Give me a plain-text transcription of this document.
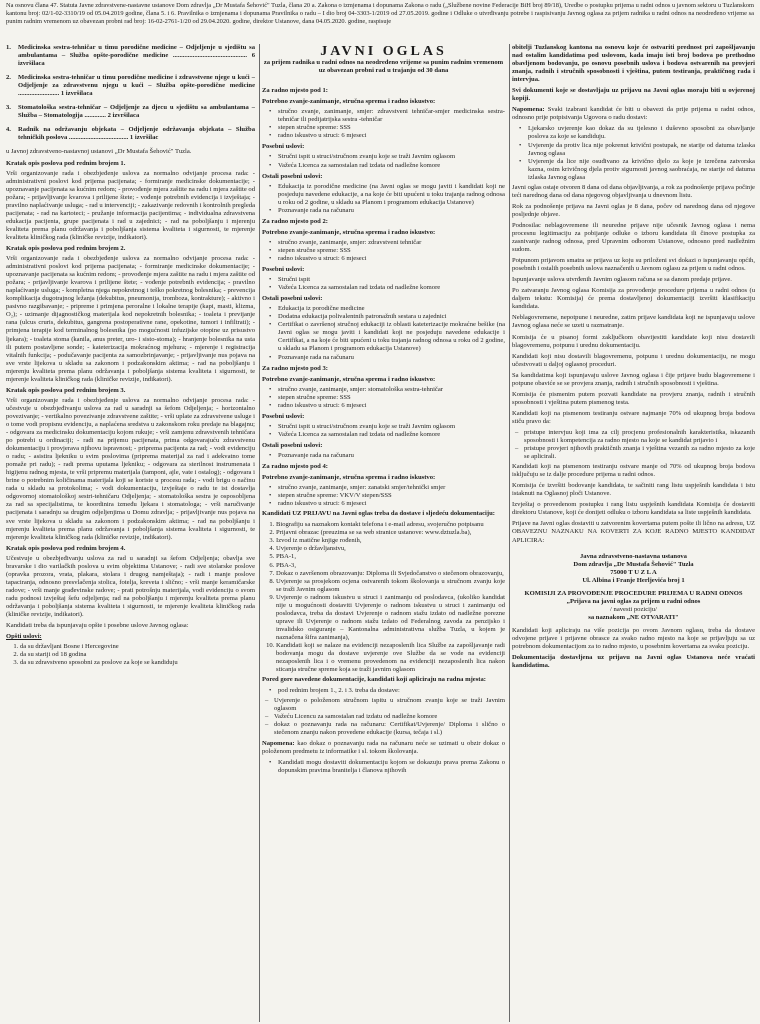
Na osnovu člana 47. Statuta Javne zdravstvene-nastavne ustanove Dom zdravlja „Dr Mustafa Šehović" Tuzla, člana 20 a. Zakona o izmjenama i dopunama Zakona o radu („Službene novine Federacije BiH broj 89/18), Uredbe o postupku prijema u radni odnos u javnom sektoru u Tuzlanskom kantonu broj: 02/1-02-3310/19 od 05.04.2019 godine, člana 5. i 6. Pravilnika o izmjenama i dopunama Pravilnika o radu – I dio broj 04-3303-1/2019 od 27.05.2019. godine i Odluke o utvrđivanju potrebe i raspisivanju Javnog oglasa za prijem radnika u radni odnos na neodređeno vrijeme sa punim radnim vremenom uz obavezan probni rad broj: 16-02-2761-1/20 od 29.04.2020. godine, direktor Ustanove, dana 04.05.2020. godine, raspisuje
1.	Medicinska sestra-tehničar u timu porodične medicine – Odjeljenje u sjedištu sa ambulantama – Služba opšte-porodične medicine ............................................. 6 izvršilaca
2.	Medicinska sestra-tehničar u timu porodične medicine i zdravstvene njege u kući – Odjeljenje za zdravstvenu njegu u kući – Služba opšte-porodične medicine ......................... 1 izvršilaca
3.	Stomatološka sestra-tehničar – Odjeljenje za djecu u sjedištu sa ambulantama – Služba – Stomatologija ............. 2 izvršilaca
4.	Radnik na održavanju objekata – Odjeljenje održavanja objekata – Služba tehničkih poslova .................................... 1 izvršilac

u Javnoj zdravstveno-nastavnoj ustanovi „Dr Mustafa Šehović" Tuzla.

Kratak opis poslova pod rednim brojem 1.

Vrši organizovanje rada i obezbjeđenje uslova za normalno odvijanje procesa rada: - administrativni poslovi kod prijema pacijenata; - formiranje medicinske dokumentacije; - upoznavanje pacijenata sa kućnim redom; - provođenje mjera zaštite na radu i mjera zaštite od požara; - prijavljivanje kvarova i prilijene štete; - vođenje potrebnih evidencija i izvještaja; - pravilno naplaćivanje usluga; - rad u intervenciji; - zakazivanje redovnih i kontrolnih pregleda pacijenata; - rad na kartoteci; - pružanje informacija pacijentima; - individualna zdravstvena edukacija pacijenta, grupe pacijenata i rad u zajednici; - rad na poboljšanju i mjerenju kvaliteta prema planu održavanja i poboljšanja sistema kvaliteta i sigurnosti, te mjerenje kvaliteta kliničkog rada (kliničke revizije, indikatori).

Kratak opis poslova pod rednim brojem 2.

Vrši organizovanje rada i obezbjeđenje uslova za normalno odvijanje procesa rada: - administrativni poslovi kod prijema pacijenata; - formiranje medicinske dokumentacije; - upoznavanje pacijenata sa kućnim redom; - provođenje mjera zaštite na radu i mjera zaštite od požara; - prijavljivanje kvarova i prilijene štete; - vođenje potrebnih evidencija; - pravilno naplaćivanje usluga; - kompletna njega nepokretnog i teško pokretnog bolesnika; - prevencija komplikacija dugotrajnog ležanja (dekubitus, pneumonija, tromboza, kontrakture); - aktivno i pasivno razgibavanje; - pripreme i primjena peroralne i lokalne terapije (kapi, masti, klizma, O₂); - uzimanje dijagnostičkog materijala kod nepokretnih bolesnika; - toaleta i previjanje rana (ulcus cruris, dekubitus, gangrena postoperativne rane, opekotine, tumori i infiltrati); - primjena terapije kod terminalnog bolesnika (po mogućnosti infuzijske otopine uz prisustvo ljekara); - toaleta stoma (kanila, anus preter, uro- i sisto-stoma); - hranjenje bolesnika na usta ili putem postavljene sonde; - kateterizacija mokraćnog mjehura; - mjerenje i registracija vitalnih funkcija; - podučavanje pacijenta za samozbrinjavanje; - prijavljivanje nus pojava na sve vrste lijekova u skladu sa zakonom i podzakonskim aktima; - rad na poboljšanju i mjerenju kvaliteta prema planu održavanja i poboljšanja sistema kvaliteta i sigurnosti, te mjerenje kvaliteta kliničkog rada (kliničke revizije, indikatori).

Kratak opis poslova pod rednim brojem 3.

Vrši organizovanje rada i obezbjeđenje uslova za normalno odvijanje procesa rada: - učestvuje u obezbjeđivanju uslova za rad u saradnji sa šefom Odjeljenja; - horizontalno povezivanje; - vertikalno povezivanje zdravstvene zaštite; - vrši uplate za zdravstvene usluge i o tome vodi propisnu evidenciju, a naplaćena sredstva u zakonskom roku predaje na blagajnu; - odgovara za medicinsku dokumentaciju kojom rukuje; - vrši zamjenu zdravstvenih tehničara po potrebi u ordinaciji; - radi na prijemu pacijenata, prima odgovarajuću zdravstvenu dokumentaciju i provjerava njihovu ispravnost; - priprema pacijenta za rad; - vodi evidenciju o radu; - asistira ljekniku u svim poslovima (priprema materijal za rad i adekvatno tome pomaže pri radu); - radi prema uputama ljekniku; - odgovara za sterilnost instrumenata i higijenu radnog mjesta, te vrši pripremu materijala (tamponi, ajle, vate i ostalog); - odgovara i brine o potrebnim količinama materijala koji se koriste u procesu rada; - vodi brigu o načinu rada u skladu sa protokolima; - vodi dokumentaciju, izvještaje o radu te ist dostavlja odgovornoj stomatološkoj sestri-tehničaru Odjeljenja; - stomatološka sestra je osposobljena za rad sa specijalistima, te koordinira između ljekara i stomatologa; - vrši naručivanje pacijenata i saradnju sa drugim odjeljenjima u Domu zdravlja; - prijavljivanje nus pojava na sve vrste lijekova u skladu sa zakonom i podzakonskim aktima; - rad na poboljšanju i mjerenju kvaliteta prema planu održavanja i poboljšanja sistema kvaliteta i sigurnosti, te mjerenje kvaliteta kliničkog rada (kliničke revizije, indikatori).

Kratak opis poslova pod rednim brojem 4.

Učestvuje u obezbjeđivanju uslova za rad u saradnji sa šefom Odjeljenja; obavlja sve bravarske i dio varilačkih poslova u svim objektima Ustanove; - radi sve stolarske poslove (opravka prozora, vrata, plakara, stolara i drugog namještaja); - radi i manje poslove tapaciranja, odnosno presvlačenja stolica, fotelja, kreveta i slično; - vrši manje keramičarske radove; - vrši manje građevinske radove; - prati potrošnju materijala, vodi evidenciju o svom radu podnosi izvještaj šefu odjeljenja; rad na poboljšanju i mjerenju kvaliteta prema planu održavanja i poboljšanja sistema kvaliteta i sigurnosti, te mjerenje kvaliteta kliničkog rada (kliničke revizije, indikatori).

Kandidati treba da ispunjavaju opšte i posebne uslove Javnog oglasa:

Opšti uslovi:
1. da su državljani Bosne i Hercegovine
2. da su stariji od 18 godina
3. da su zdravstveno sposobni za poslove za koje se kandiduju
JAVNI OGLAS
za prijem radnika u radni odnos na neodređeno vrijeme sa punim radnim vremenom uz obavezan probni rad u trajanju od 30 dana
Za radno mjesto pod 1:
Potrebno zvanje-zanimanje, stručna sprema i radno iskustvo:
• stručno zvanje, zanimanje, smjer: zdravstveni tehničar-smjer medicinska sestra-tehničar ili pedijatrijska sestra -tehničar
• stepen stručne spreme: SSS
• radno iskustvo u struci: 6 mjeseci
Posebni uslovi:
• Stručni ispit u struci/stručnom zvanju koje se traži Javnim oglasom
• Važeća Licenca za samostalan rad izdata od nadležne komore
Ostali posebni uslovi:
• Edukacija iz porodične medicine (na Javni oglas se mogu javiti i kandidati koji ne posjeduju navedene edukacije, a na koje će biti upućeni u toku trajanja radnog odnosa u roku od 2 godine, u skladu sa Planom i programom edukacija Ustanove)
• Poznavanje rada na računaru
Za radno mjesto pod 2:
Potrebno zvanje-zanimanje, stručna sprema i radno iskustvo:
• stručno zvanje, zanimanje, smjer: zdravstveni tehničar
• stepen stručne spreme: SSS
• radno iskustvo u struci: 6 mjeseci
Posebni uslovi:
• Stručni ispit
• Važeća Licenca za samostalan rad izdata od nadležne komore
Ostali posebni uslovi:
• Edukacija iz porodične medicine
• Dodatna edukacija polivalentnih patronažnih sestara u zajednici
• Certifikat o završenoj stručnoj edukaciji iz oblasti kateterizacije mokraćne bešike (na Javni oglas se mogu javiti i kandidati koji ne posjeduju navedene edukacije i Certifikat, a na koje će biti upućeni u toku trajanja radnog odnosa u roku od 2 godine, u skladu sa Planom i programom edukacija Ustanove)
• Poznavanje rada na računaru
Za radno mjesto pod 3:
Potrebno zvanje-zanimanje, stručna sprema i radno iskustvo:
• stručno zvanje, zanimanje, smjer: stomatološka sestra-tehničar
• stepen stručne spreme: SSS
• radno iskustvo u struci: 6 mjeseci
Posebni uslovi:
• Stručni ispit u struci/stručnom zvanju koje se traži Javnim oglasom
• Važeća Licenca za samostalan rad izdata od nadležne komore
Ostali posebni uslovi:
• Poznavanje rada na računaru
Za radno mjesto pod 4:
Potrebno zvanje-zanimanje, stručna sprema i radno iskustvo:
• stručno zvanje, zanimanje, smjer: zanatski smjer/tehnički smjer
• stepen stručne spreme: VKV/V stepen/SSS
• radno iskustvo u struci: 6 mjeseci

Kandidati UZ PRIJAVU na Javni oglas treba da dostave i sljedeću dokumentaciju:

1. Biografiju sa naznakom kontakt telefona i e-mail adresu, svojeručno potpisanu
2. Prijavni obrazac (preuzima se sa web stranice ustanove: www.dztuzla.ba),
3. Izvod iz matične knjige rođenih,
4. Uvjerenje o državljanstvu,
5. PBA-1,
6. PBA-3,
7. Dokaz o završenom obrazovanju: Diploma ili Svjedočanstvo o stečenom obrazovanju,
8. Uvjerenje sa prosjekom ocjena ostvarenih tokom školovanja u stručnom zvanju koje se traži Javnim oglasom
9. Uvjerenje o radnom iskustvu u struci i zanimanju od poslodavca, (ukoliko kandidat nije u mogućnosti dostaviti Uvjerenje o radnom iskustvu u struci i zanimanju od poslodavca, treba da dostavi Uvjerenje o radnom stažu izdato od nadležne porezne uprave ili Uvjerenje o radnom stažu izdato od Federalnog zavoda za penzijsko i invalidsko osiguranje – Kantonalna administrativna služba Tuzla, u kojem je naznačena šifra zanimanja),
10. Kandidati koji se nalaze na evidenciji nezaposlenih lica Službe za zapošljavanje radi bodovanja mogu da dostave uvjerenje ove Službe da se vode na evidenciji nezaposlenih lica i o vremenu provedenom na evidenciji nezaposlenih lica nakon sticanja stručne spreme koja se traži javnim oglasom

Pored gore navedene dokumentacije, kandidati koji apliciraju na radna mjesta:

• pod rednim brojem 1., 2. i 3. treba da dostave:
– Uvjerenje o položenom stručnom ispitu u stručnom zvanju koje se traži Javnim oglasom
– Važeću Licencu za samostalan rad izdatu od nadležne komore
– dokaz o poznavanju rada na računaru: Certifikat/Uvjerenje/ Diploma i slično o stečenom znanju nakon provedene edukacije (kursa, tečaja i sl.)

Napomena: kao dokaz o poznavanju rada na računaru neće se uzimati u obzir dokaz o položenom predmetu iz informatike i sl. tokom školovanja.

• Kandidati mogu dostaviti dokumentaciju kojom se dokazuju prava prema Zakonu o dopunskim pravima branitelja i članova njihovih

obitelji Tuzlanskog kantona na osnovu koje će ostvariti prednost pri zapošljavanju nad ostalim kandidatima pod uslovom, kada imaju isti broj bodova po prethodno obavljenom bodovanju, po osnovu posebnih uslova i bodova ostvarenih na provjeri znanja, radnih i stručnih sposobnosti i vještina, putem testiranja, praktičnog rada i intervjua.

Svi dokumenti koje se dostavljaju uz prijavu na Javni oglas moraju biti u ovjerenoj kopiji.

Napomena: Svaki izabrani kandidat će biti u obavezi da prije prijema u radni odnos, odnosno prije potpisivanja Ugovora o radu dostavi:

• Ljekarsko uvjerenje kao dokaz da su tjelesno i duševno sposobni za obavljanje poslova za koje se kandiduju.
• Uvjerenje da protiv lica nije pokrenut krivični postupak, ne starije od datuma izlaska Javnog oglasa
• Uvjerenje da lice nije osuđivano za krivično djelo za koje je izrečena zatvorska kazna, osim krivičnog djela protiv sigurnosti javnog saobraćaja, ne starije od datuma izlaska Javnog oglasa

Javni oglas ostaje otvoren 8 dana od dana objavljivanja, a rok za podnošenje prijava počinje teći narednog dana od dana njegovog objavljivanja u dnevnom listu.

Rok za podnošenje prijava na Javni oglas je 8 dana, počev od narednog dana od njegove posljednje objave.

Podnosilac neblagovremene ili neuredne prijave nije učesnik Javnog oglasa i nema procesnu legitimaciju za pobijanje odluke o izboru kandidata ili činove postupka za zasnivanje radnog odnosa, pred Upravnim odborom Ustanove, odnosno pred nadležnim sudom.

Potpunom prijavom smatra se prijava uz koju su priloženi svi dokazi o ispunjavanju općih, posebnih i ostalih posebnih uslova naznačenih u Javnom oglasu za prijem u radni odnos.

Ispunjavanje uslova utvrđenih Javnim oglasom računa se sa danom predaje prijave.

Po zatvaranju Javnog oglasa Komisija za provođenje procedure prijema u radni odnos (u daljem tekstu: Komisija) će prema dostavljenoj dokumentaciji izvršiti klasifikaciju kandidata.

Neblagovremene, nepotpune i neuredne, zatim prijave kandidata koji ne ispunjavaju uslove Javnog oglasa neće se uzeti u razmatranje.

Komisija će u pisanoj formi zaključkom obavijestiti kandidate koji nisu dostavili blagovremenu, potpunu i urednu dokumentaciju.

Kandidati koji nisu dostavili blagovremenu, potpunu i urednu dokumentaciju, ne mogu učestvovati u daljoj oglasnoj proceduri.

Sa kandidatima koji ispunjavaju uslove Javnog oglasa i čije prijave budu blagovremene i potpune obaviće se se provjera znanja, radnih i stručnih sposobnosti i vještina.

Komisija će pismenim putem pozvati kandidate na provjeru znanja, radnih i stručnih sposobnosti i vještina putem pismenog testa.

Kandidati koji na pismenom testiranju ostvare najmanje 70% od ukupnog broja bodova stiču pravo da:

– pristupe intervjuu koji ima za cilj procjenu profesionalnih karakteristika, iskazanih sposobnosti i kompetencija za radno mjesto na koje se kandidat prijavio i
– pristupe provjeri njihovih praktičnih znanja i vještina vezanih za radno mjesto za koje se aplicirali.

Kandidati koji na pismenom testiranju ostvare manje od 70% od ukupnog broja bodova isključuju se iz dalje procedure prijema u radni odnos.

Komisija će izvršiti bodovanje kandidata, te sačiniti rang listu uspješnih kandidata i istu istaknuti na Oglasnoj ploči Ustanove.

Izvještaj o provedenom postupku i rang listu uspješnih kandidata Komisija će dostaviti direktoru Ustanove, koji će donijeti odluku o izboru kandidata sa liste uspješnih kandidata.

Prijave na Javni oglas dostaviti u zatvorenim kovertama putem pošte ili lično na adresu, UZ OBAVEZNU NAZNAKU NA KOVERTI ZA KOJE RADNO MJESTO KANDIDAT APLICIRA:

Javna zdravstveno-nastavna ustanova
Dom zdravlja „Dr Mustafa Šehović" Tuzla
75000 T U Z L A
Ul. Albina i Franje Herljevića broj 1
KOMISIJI ZA PROVOĐENJE PROCEDURE PRIJEMA U RADNI ODNOS
„Prijava na javni oglas za prijem u radni odnos
/ navesti poziciju/
sa naznakom „NE OTVARATI"

Kandidati koji apliciraju na više pozicija po ovom Javnom oglasu, treba da dostave odvojene prijave i prijavne obrasce za svako radno mjesto na koje se prijavljuju sa uz potrebnom dokumentacijom za to radno mjesto, u posebnim kovertama za svaku poziciju.

Dokumentacija dostavljena uz prijavu na Javni oglas Ustanova neće vraćati kandidatima.
